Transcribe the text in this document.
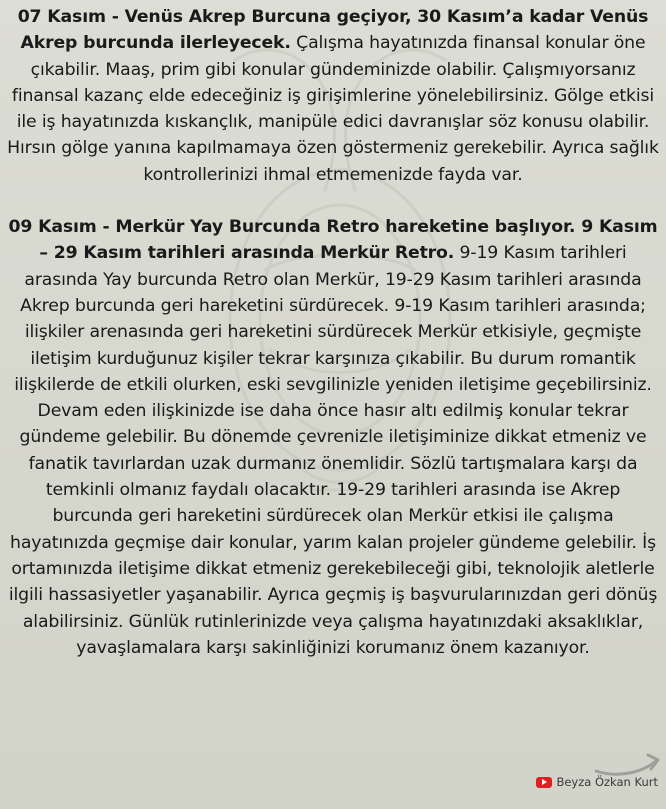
07 Kasım - Venüs Akrep Burcuna geçiyor, 30 Kasım’a kadar Venüs Akrep burcunda ilerleyecek. Çalışma hayatınızda finansal konular öne çıkabilir. Maaş, prim gibi konular gündeminizde olabilir. Çalışmıyorsanız finansal kazanç elde edeceğiniz iş girişimlerine yönelebilirsiniz. Gölge etkisi ile iş hayatınızda kıskançlık, manipüle edici davranışlar söz konusu olabilir. Hırsın gölge yanına kapılmamaya özen göstermeniz gerekebilir. Ayrıca sağlık kontrollerinizi ihmal etmemenizde fayda var.

09 Kasım - Merkür Yay Burcunda Retro hareketine başlıyor. 9 Kasım – 29 Kasım tarihleri arasında Merkür Retro. 9-19 Kasım tarihleri arasında Yay burcunda Retro olan Merkür, 19-29 Kasım tarihleri arasında Akrep burcunda geri hareketini sürdürecek. 9-19 Kasım tarihleri arasında; ilişkiler arenasında geri hareketini sürdürecek Merkür etkisiyle, geçmişte iletişim kurduğunuz kişiler tekrar karşınıza çıkabilir. Bu durum romantik ilişkilerde de etkili olurken, eski sevgilinizle yeniden iletişime geçebilirsiniz. Devam eden ilişkinizde ise daha önce hasır altı edilmiş konular tekrar gündeme gelebilir. Bu dönemde çevrenizle iletişiminize dikkat etmeniz ve fanatik tavırlardan uzak durmanız önemlidir. Sözlü tartışmalara karşı da temkinli olmanız faydalı olacaktır. 19-29 tarihleri arasında ise Akrep burcunda geri hareketini sürdürecek olan Merkür etkisi ile çalışma hayatınızda geçmişe dair konular, yarım kalan projeler gündeme gelebilir. İş ortamınızda iletişime dikkat etmeniz gerekebileceği gibi, teknolojik aletlerle ilgili hassasiyetler yaşanabilir. Ayrıca geçmiş iş başvurularınızdan geri dönüş alabilirsiniz. Günlük rutinlerinizde veya çalışma hayatınızdaki aksaklıklar, yavaşlamalara karşı sakinliğinizi korumanız önem kazanıyor.

Beyza Özkan Kurt
